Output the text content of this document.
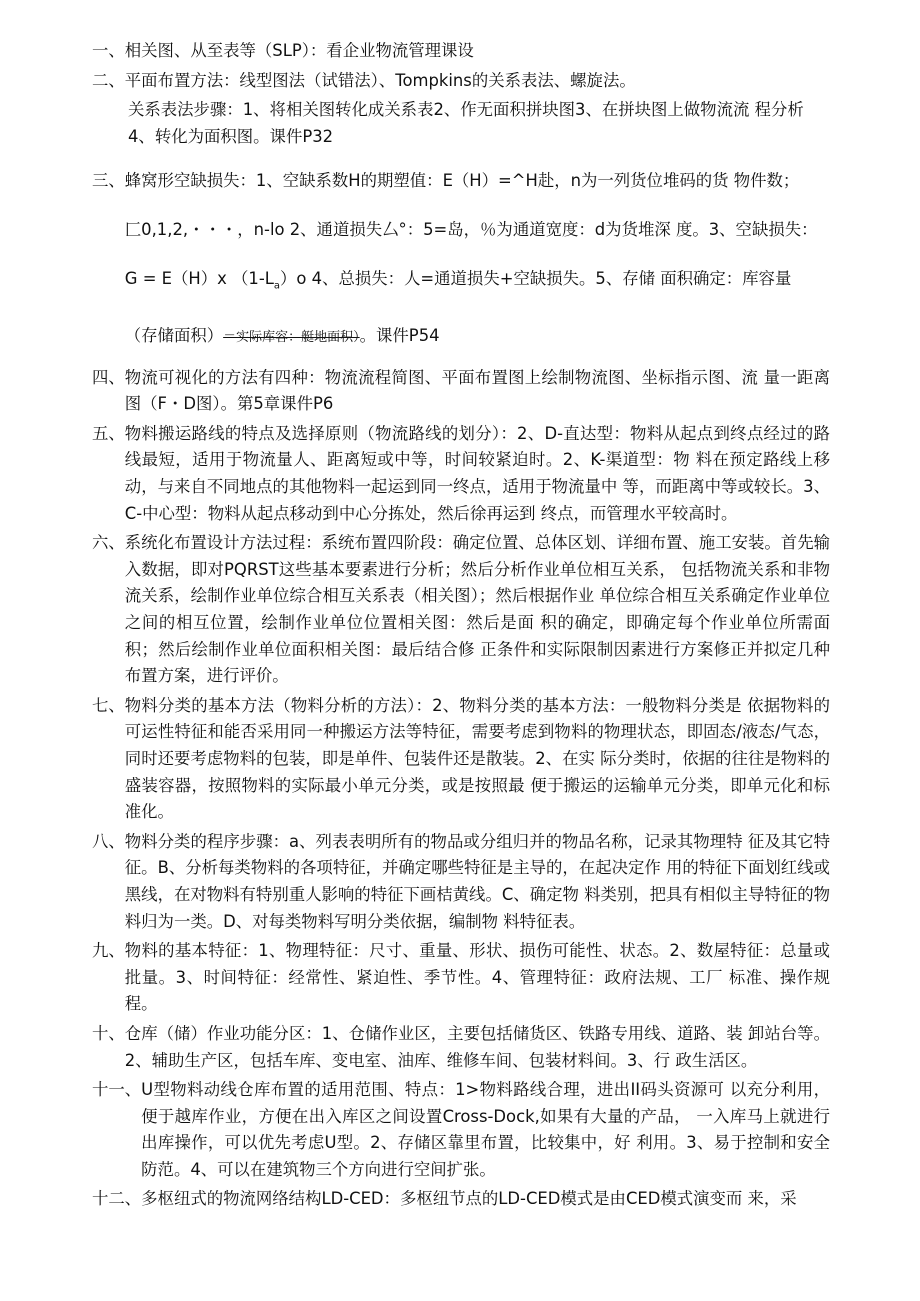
一、 相关图、从至表等（SLP）：看企业物流管理课设
二、 平面布置方法：线型图法（试错法）、Tompkins的关系表法、螺旋法。
关系表法步骤：1、将相关图转化成关系表2、作无面积拼块图3、在拼块图上做物流流 程分析4、转化为面积图。课件P32
三、 蜂窝形空缺损失：1、空缺系数H的期塑值：E（H）=^H赴，n为一列货位堆码的货 物件数；
匚0,1,2,・・・，n-lo 2、通道损失厶°：5=岛，％为通道宽度：d为货堆深 度。3、空缺损失：
G = E（H）x $(1-L_a)o$ 4、总损失：人=通道损失+空缺损失。5、存储 面积确定：库容量
（存储面积）＝实际库容：艇地面积）。课件P54
四、 物流可视化的方法有四种：物流流程简图、平面布置图上绘制物流图、坐标指示图、流 量一距离图（F・D图）。第5章课件P6
五、 物料搬运路线的特点及选择原则（物流路线的划分）：2、D-直达型：物料从起点到终点经过的路线最短，适用于物流量人、距离短或中等，时间较紧迫时。2、K-渠道型：物 料在预定路线上移动，与来自不同地点的其他物料一起运到同一终点，适用于物流量中 等，而距离中等或较长。3、C-中心型：物料从起点移动到中心分拣处，然后徐再运到 终点，而管理水平较高时。
六、 系统化布置设计方法过程：系统布置四阶段：确定位置、总体区划、详细布置、施工安装。首先输入数据，即对PQRST这些基本要素进行分析；然后分析作业单位相互关系， 包括物流关系和非物流关系，绘制作业单位综合相互关系表（相关图）；然后根据作业 单位综合相互关系确定作业单位之间的相互位置，绘制作业单位位置相关图：然后是面 积的确定，即确定每个作业单位所需面积；然后绘制作业单位面积相关图：最后结合修 正条件和实际限制因素进行方案修正并拟定几种布置方案，进行评价。
七、 物料分类的基本方法（物料分析的方法）：2、物料分类的基本方法：一般物料分类是 依据物料的可运性特征和能否采用同一种搬运方法等特征，需要考虑到物料的物理状态，即固态/液态/气态，同时还要考虑物料的包装，即是单件、包装件还是散装。2、在实 际分类时，依据的往往是物料的盛装容器，按照物料的实际最小单元分类，或是按照最 便于搬运的运输单元分类，即单元化和标准化。
八、 物料分类的程序步骤：a、列表表明所有的物品或分组归并的物品名称，记录其物理特 征及其它特征。B、分析每类物料的各项特征，并确定哪些特征是主导的，在起决定作 用的特征下面划红线或黑线，在对物料有特别重人影响的特征下画桔黄线。C、确定物 料类别，把具有相似主导特征的物料归为一类。D、对每类物料写明分类依据，编制物 料特征表。
九、 物料的基本特征：1、物理特征：尺寸、重量、形状、损伤可能性、状态。2、数屋特征：总量或批量。3、时间特征：经常性、紧迫性、季节性。4、管理特征：政府法规、工厂 标准、操作规程。
十、 仓库（储）作业功能分区：1、仓储作业区，主要包括储货区、铁路专用线、道路、装 卸站台等。2、辅助生产区，包括车库、变电室、油库、维修车间、包装材料间。3、行 政生活区。
十一、 U型物料动线仓库布置的适用范围、特点：1>物料路线合理，进出II码头资源可 以充分利用，便于越库作业，方便在出入库区之间设置Cross-Dock,如果有大量的产品， 一入库马上就进行出库操作，可以优先考虑U型。2、存储区靠里布置，比较集中，好 利用。3、易于控制和安全防范。4、可以在建筑物三个方向进行空间扩张。
十二、 多枢纽式的物流网络结构LD-CED：多枢纽节点的LD-CED模式是由CED模式演变而 来，采
